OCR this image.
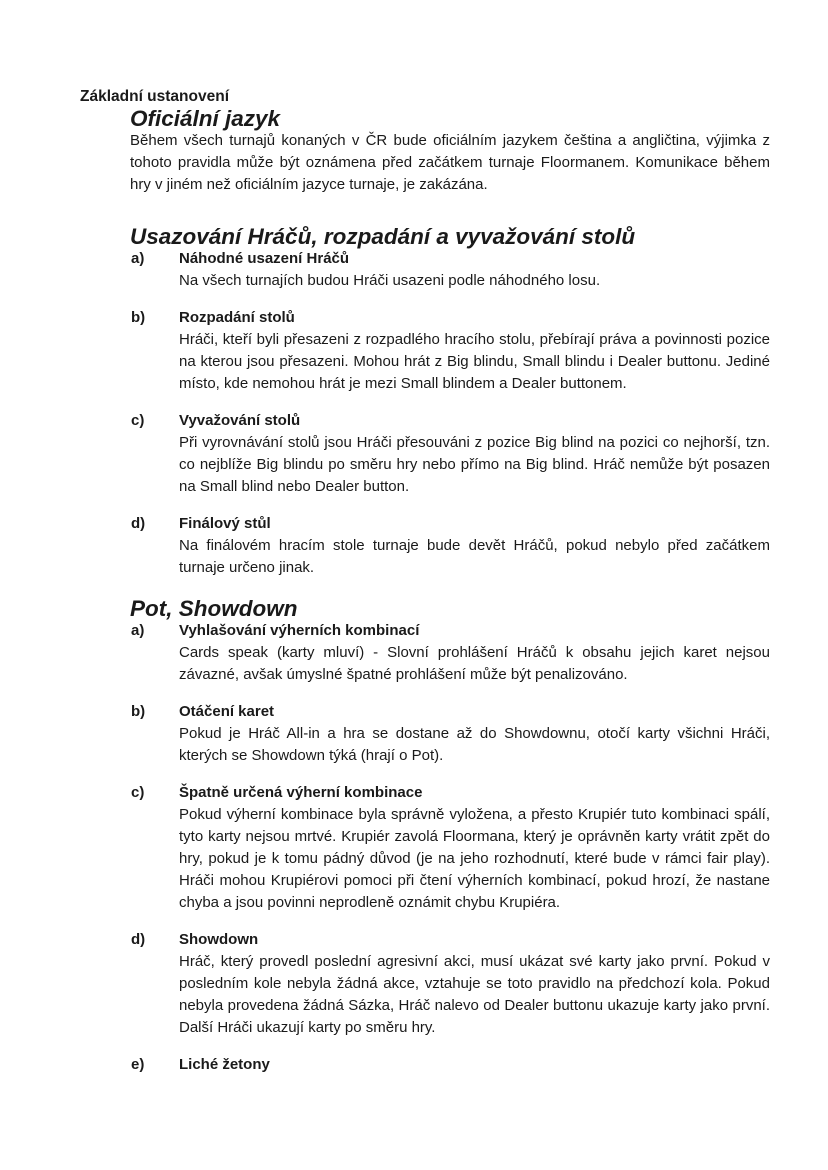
Základní ustanovení
Oficiální jazyk

Během všech turnajů konaných v ČR bude oficiálním jazykem čeština a angličtina, výjimka z tohoto pravidla může být oznámena před začátkem turnaje Floormanem. Komunikace během hry v jiném než oficiálním jazyce turnaje, je zakázána.

Usazování Hráčů, rozpadání a vyvažování stolů
a)	Náhodné usazení Hráčů
Na všech turnajích budou Hráči usazeni podle náhodného losu.
b)	Rozpadání stolů
Hráči, kteří byli přesazeni z rozpadlého hracího stolu, přebírají práva a povinnosti pozice na kterou jsou přesazeni. Mohou hrát z Big blindu, Small blindu i Dealer buttonu. Jediné místo, kde nemohou hrát je mezi Small blindem a Dealer buttonem.
c)	Vyvažování stolů
Při vyrovnávání stolů jsou Hráči přesouváni z pozice Big blind na pozici co nejhorší, tzn. co nejblíže Big blindu po směru hry nebo přímo na Big blind. Hráč nemůže být posazen na Small blind nebo Dealer button.
d)	Finálový stůl
Na finálovém hracím stole turnaje bude devět Hráčů, pokud nebylo před začátkem turnaje určeno jinak.
Pot, Showdown
a)	Vyhlašování výherních kombinací
Cards speak (karty mluví) - Slovní prohlášení Hráčů k obsahu jejich karet nejsou závazné, avšak úmyslné špatné prohlášení může být penalizováno.
b)	Otáčení karet
Pokud je Hráč All-in a hra se dostane až do Showdownu, otočí karty všichni Hráči, kterých se Showdown týká (hrají o Pot).
c)	Špatně určená výherní kombinace
Pokud výherní kombinace byla správně vyložena, a přesto Krupiér tuto kombinaci spálí, tyto karty nejsou mrtvé. Krupiér zavolá Floormana, který je oprávněn karty vrátit zpět do hry, pokud je k tomu pádný důvod (je na jeho rozhodnutí, které bude v rámci fair play). Hráči mohou Krupiérovi pomoci při čtení výherních kombinací, pokud hrozí, že nastane chyba a jsou povinni neprodleně oznámit chybu Krupiéra.
d)	Showdown
Hráč, který provedl poslední agresivní akci, musí ukázat své karty jako první. Pokud v posledním kole nebyla žádná akce, vztahuje se toto pravidlo na předchozí kola. Pokud nebyla provedena žádná Sázka, Hráč nalevo od Dealer buttonu ukazuje karty jako první. Další Hráči ukazují karty po směru hry.
e)	Liché žetony
